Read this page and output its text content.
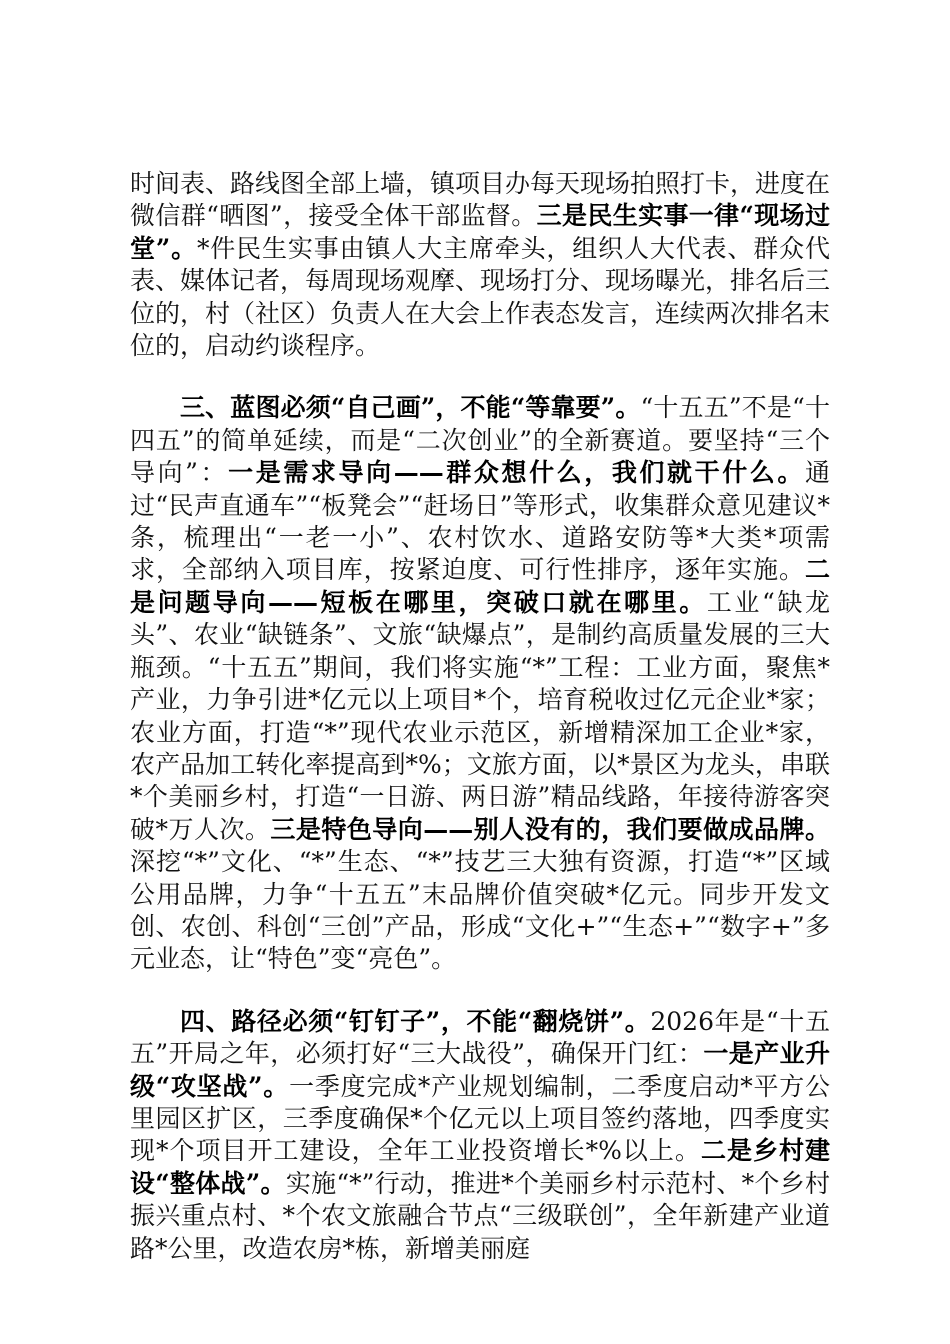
时间表、路线图全部上墙，镇项目办每天现场拍照打卡，进度在微信群“晒图”，接受全体干部监督。三是民生实事一律“现场过堂”。*件民生实事由镇人大主席牵头，组织人大代表、群众代表、媒体记者，每周现场观摩、现场打分、现场曝光，排名后三位的，村（社区）负责人在大会上作表态发言，连续两次排名末位的，启动约谈程序。

三、蓝图必须“自己画”，不能“等靠要”。“十五五”不是“十四五”的简单延续，而是“二次创业”的全新赛道。要坚持“三个导向”：一是需求导向——群众想什么，我们就干什么。通过“民声直通车”“板凳会”“赶场日”等形式，收集群众意见建议*条，梳理出“一老一小”、农村饮水、道路安防等*大类*项需求，全部纳入项目库，按紧迫度、可行性排序，逐年实施。二是问题导向——短板在哪里，突破口就在哪里。工业“缺龙头”、农业“缺链条”、文旅“缺爆点”，是制约高质量发展的三大瓶颈。“十五五”期间，我们将实施“*”工程：工业方面，聚焦*产业，力争引进*亿元以上项目*个，培育税收过亿元企业*家；农业方面，打造“*”现代农业示范区，新增精深加工企业*家，农产品加工转化率提高到*%；文旅方面，以*景区为龙头，串联*个美丽乡村，打造“一日游、两日游”精品线路，年接待游客突破*万人次。三是特色导向——别人没有的，我们要做成品牌。深挖“*”文化、“*”生态、“*”技艺三大独有资源，打造“*”区域公用品牌，力争“十五五”末品牌价值突破*亿元。同步开发文创、农创、科创“三创”产品，形成“文化+”“生态+”“数字+”多元业态，让“特色”变“亮色”。

四、路径必须“钉钉子”，不能“翻烧饼”。2026年是“十五五”开局之年，必须打好“三大战役”，确保开门红：一是产业升级“攻坚战”。一季度完成*产业规划编制，二季度启动*平方公里园区扩区，三季度确保*个亿元以上项目签约落地，四季度实现*个项目开工建设，全年工业投资增长*%以上。二是乡村建设“整体战”。实施“*”行动，推进*个美丽乡村示范村、*个乡村振兴重点村、*个农文旅融合节点“三级联创”，全年新建产业道路*公里，改造农房*栋，新增美丽庭
